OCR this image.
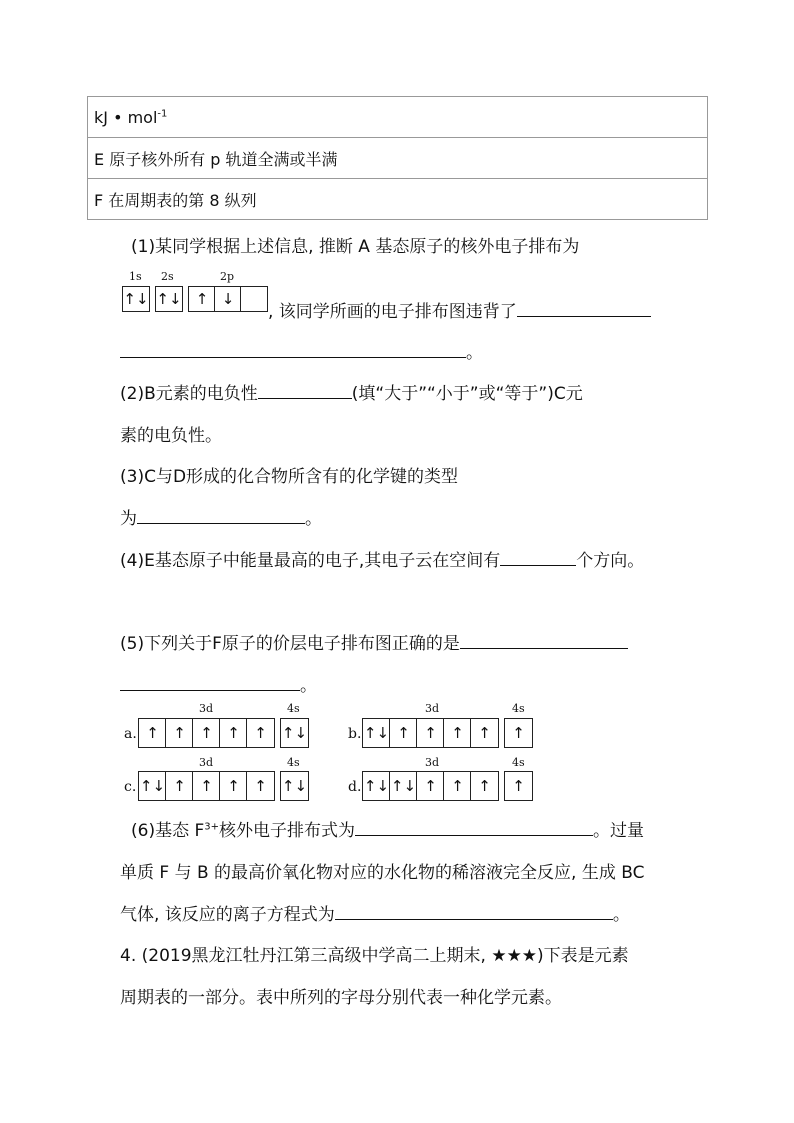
kJ • mol$^{-1}$
E 原子核外所有 p 轨道全满或半满
F 在周期表的第 8 纵列
(1)某同学根据上述信息, 推断 A 基态原子的核外电子排布为
1s 2s	2p
↑↓ ↑↓ ↑ ↓
, 该同学所画的电子排布图违背了
。
(2)B元素的电负性	(填“大于”“小于”或“等于”)C元
素的电负性。
(3)C与D形成的化合物所含有的化学键的类型
为	。
(4)E基态原子中能量最高的电子,其电子云在空间有	个方向。
(5)下列关于F原子的价层电子排布图正确的是
。
3d	4s
a. ↑ ↑ ↑ ↑ ↑	↑↓
3d	4s
b. ↑↓ ↑ ↑ ↑ ↑	↑
3d	4s
c. ↑↓ ↑ ↑ ↑ ↑	↑↓
3d	4s
d. ↑↓ ↑↓ ↑ ↑ ↑	↑
(6)基态 $F^{3+}$核外电子排布式为	。过量
单质 F 与 B 的最高价氧化物对应的水化物的稀溶液完全反应, 生成 BC
气体, 该反应的离子方程式为	。
4. (2019黑龙江牡丹江第三高级中学高二上期末, ★★★)下表是元素
周期表的一部分。表中所列的字母分别代表一种化学元素。
